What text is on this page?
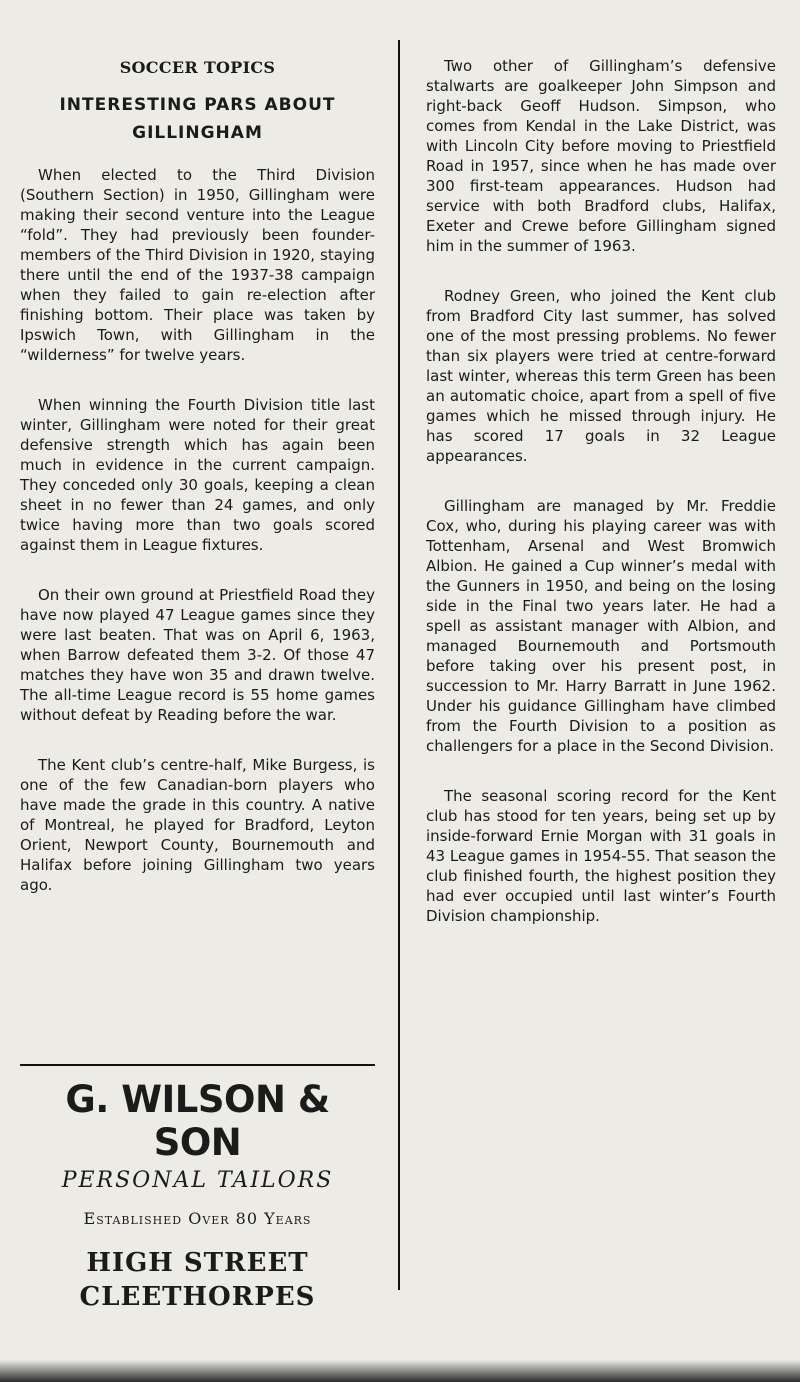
SOCCER TOPICS
INTERESTING PARS ABOUT
GILLINGHAM

When elected to the Third Division (Southern Section) in 1950, Gillingham were making their second venture into the League “fold”. They had previously been founder-members of the Third Division in 1920, staying there until the end of the 1937-38 campaign when they failed to gain re-election after finishing bottom. Their place was taken by Ipswich Town, with Gillingham in the “wilderness” for twelve years.

When winning the Fourth Division title last winter, Gillingham were noted for their great defensive strength which has again been much in evidence in the current campaign. They conceded only 30 goals, keeping a clean sheet in no fewer than 24 games, and only twice having more than two goals scored against them in League fixtures.

On their own ground at Priestfield Road they have now played 47 League games since they were last beaten. That was on April 6, 1963, when Barrow defeated them 3-2. Of those 47 matches they have won 35 and drawn twelve. The all-time League record is 55 home games without defeat by Reading before the war.

The Kent club’s centre-half, Mike Burgess, is one of the few Canadian-born players who have made the grade in this country. A native of Montreal, he played for Bradford, Leyton Orient, Newport County, Bournemouth and Halifax before joining Gillingham two years ago.

Two other of Gillingham’s defensive stalwarts are goalkeeper John Simpson and right-back Geoff Hudson. Simpson, who comes from Kendal in the Lake District, was with Lincoln City before moving to Priestfield Road in 1957, since when he has made over 300 first-team appearances. Hudson had service with both Bradford clubs, Halifax, Exeter and Crewe before Gillingham signed him in the summer of 1963.

Rodney Green, who joined the Kent club from Bradford City last summer, has solved one of the most pressing problems. No fewer than six players were tried at centre-forward last winter, whereas this term Green has been an automatic choice, apart from a spell of five games which he missed through injury. He has scored 17 goals in 32 League appearances.

Gillingham are managed by Mr. Freddie Cox, who, during his playing career was with Tottenham, Arsenal and West Bromwich Albion. He gained a Cup winner’s medal with the Gunners in 1950, and being on the losing side in the Final two years later. He had a spell as assistant manager with Albion, and managed Bournemouth and Portsmouth before taking over his present post, in succession to Mr. Harry Barratt in June 1962. Under his guidance Gillingham have climbed from the Fourth Division to a position as challengers for a place in the Second Division.

The seasonal scoring record for the Kent club has stood for ten years, being set up by inside-forward Ernie Morgan with 31 goals in 43 League games in 1954-55. That season the club finished fourth, the highest position they had ever occupied until last winter’s Fourth Division championship.

G. WILSON & SON
PERSONAL TAILORS
Established Over 80 Years
HIGH STREET
CLEETHORPES
